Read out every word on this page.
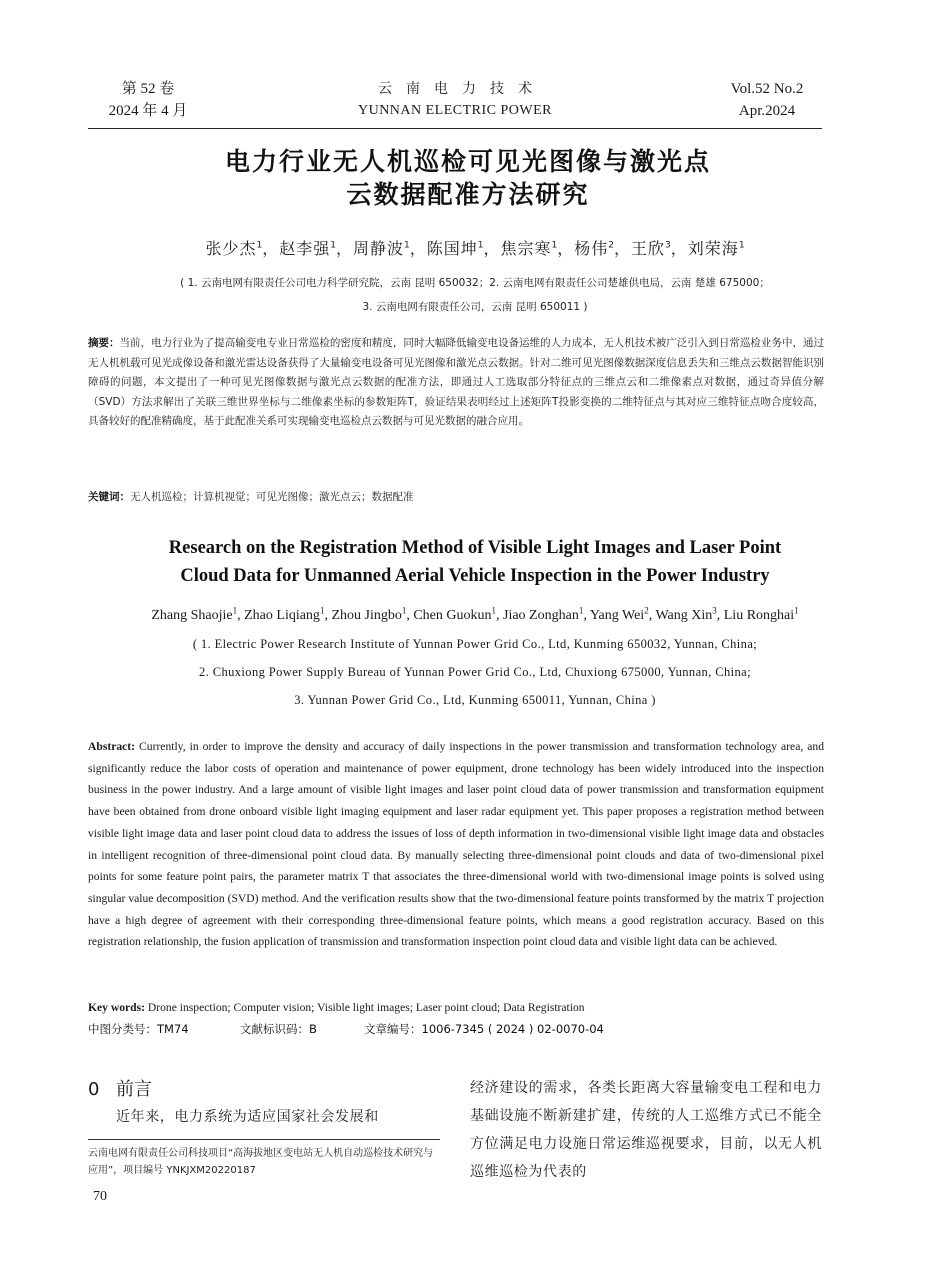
第 52 卷
2024 年 4 月
云南电力技术
YUNNAN ELECTRIC POWER
Vol.52 No.2
Apr.2024
电力行业无人机巡检可见光图像与激光点
云数据配准方法研究
张少杰$^1$，赵李强$^1$，周静波$^1$，陈国坤$^1$，焦宗寒$^1$，杨伟$^2$，王欣$^3$，刘荣海$^1$
( 1. 云南电网有限责任公司电力科学研究院，云南 昆明 650032；2. 云南电网有限责任公司楚雄供电局，云南 楚雄 675000；
3. 云南电网有限责任公司，云南 昆明 650011 )
摘要：当前，电力行业为了提高输变电专业日常巡检的密度和精度，同时大幅降低输变电设备运维的人力成本，无人机技术被广泛引入到日常巡检业务中，通过无人机机载可见光成像设备和激光雷达设备获得了大量输变电设备可见光图像和激光点云数据。针对二维可见光图像数据深度信息丢失和三维点云数据智能识别障碍的问题，本文提出了一种可见光图像数据与激光点云数据的配准方法，即通过人工选取部分特征点的三维点云和二维像素点对数据，通过奇异值分解（SVD）方法求解出了关联三维世界坐标与二维像素坐标的参数矩阵T，验证结果表明经过上述矩阵T投影变换的二维特征点与其对应三维特征点吻合度较高，具备较好的配准精确度，基于此配准关系可实现输变电巡检点云数据与可见光数据的融合应用。
关键词：无人机巡检；计算机视觉；可见光图像；激光点云；数据配准
Research on the Registration Method of Visible Light Images and Laser Point
Cloud Data for Unmanned Aerial Vehicle Inspection in the Power Industry
Zhang Shaojie$^1$, Zhao Liqiang$^1$, Zhou Jingbo$^1$, Chen Guokun$^1$, Jiao Zonghan$^1$, Yang Wei$^2$, Wang Xin$^3$, Liu Ronghai$^1$
( 1. Electric Power Research Institute of Yunnan Power Grid Co., Ltd, Kunming 650032, Yunnan, China;
2. Chuxiong Power Supply Bureau of Yunnan Power Grid Co., Ltd, Chuxiong 675000, Yunnan, China;
3. Yunnan Power Grid Co., Ltd, Kunming 650011, Yunnan, China )
Abstract: Currently, in order to improve the density and accuracy of daily inspections in the power transmission and transformation technology area, and significantly reduce the labor costs of operation and maintenance of power equipment, drone technology has been widely introduced into the inspection business in the power industry. And a large amount of visible light images and laser point cloud data of power transmission and transformation equipment have been obtained from drone onboard visible light imaging equipment and laser radar equipment yet. This paper proposes a registration method between visible light image data and laser point cloud data to address the issues of loss of depth information in two-dimensional visible light image data and obstacles in intelligent recognition of three-dimensional point cloud data. By manually selecting three-dimensional point clouds and data of two-dimensional pixel points for some feature point pairs, the parameter matrix T that associates the three-dimensional world with two-dimensional image points is solved using singular value decomposition (SVD) method. And the verification results show that the two-dimensional feature points transformed by the matrix T projection have a high degree of agreement with their corresponding three-dimensional feature points, which means a good registration accuracy. Based on this registration relationship, the fusion application of transmission and transformation inspection point cloud data and visible light data can be achieved.
Key words: Drone inspection; Computer vision; Visible light images; Laser point cloud; Data Registration
中图分类号：TM74	文献标识码：B	文章编号：1006-7345 ( 2024 ) 02-0070-04
0 前言
近年来，电力系统为适应国家社会发展和
云南电网有限责任公司科技项目“高海拔地区变电站无人机自动巡检技术研究与应用”，项目编号 YNKJXM20220187
70
经济建设的需求，各类长距离大容量输变电工程和电力基础设施不断新建扩建，传统的人工巡维方式已不能全方位满足电力设施日常运维巡视要求，目前，以无人机巡维巡检为代表的
